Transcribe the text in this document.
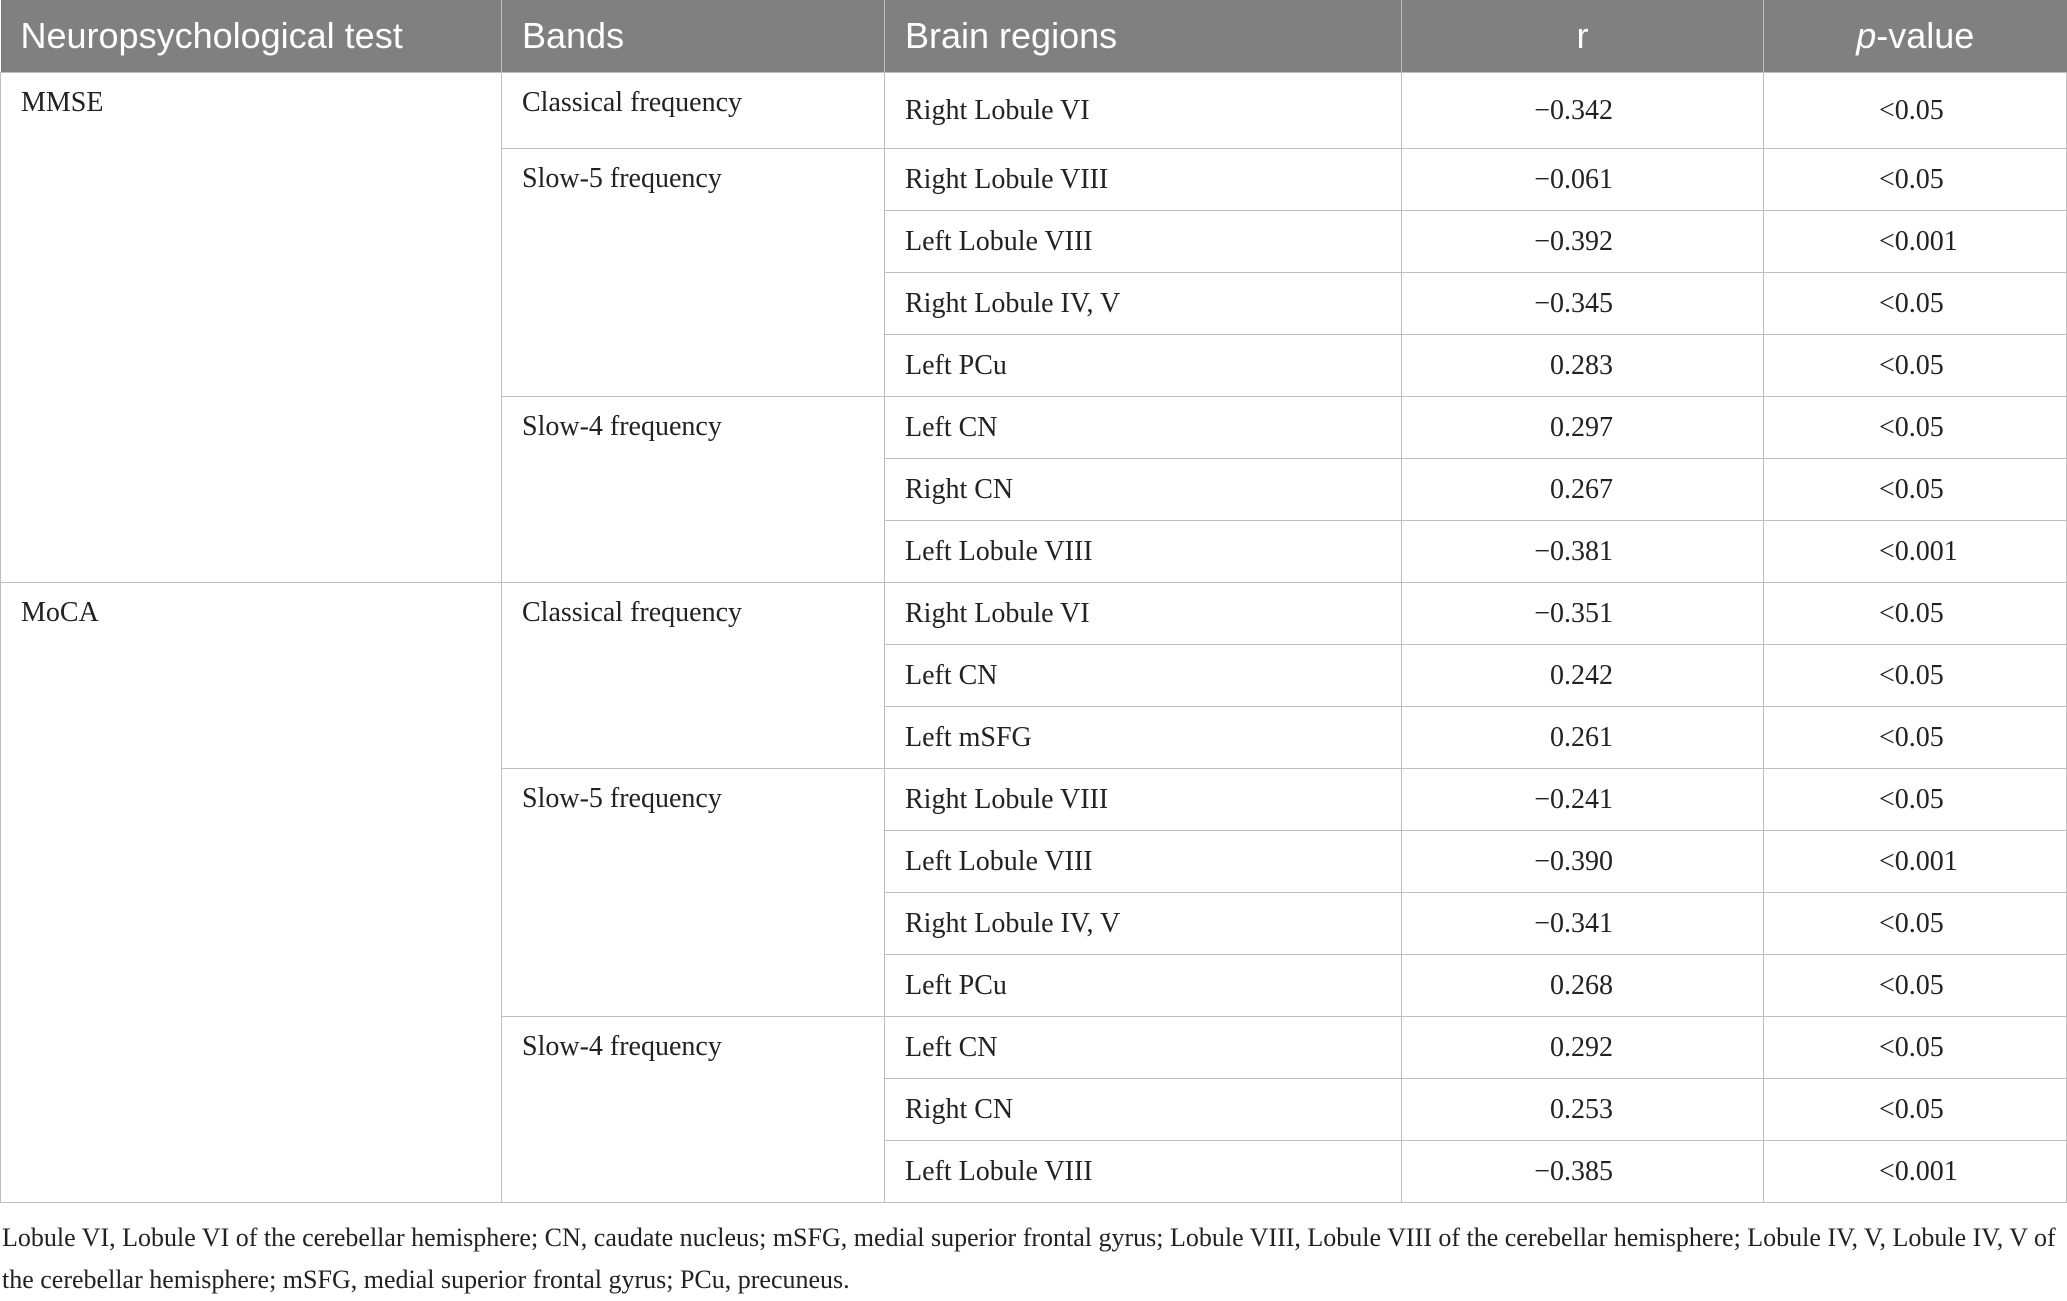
Neuropsychological test	Bands	Brain regions	r	p-value
MMSE	Classical frequency	Right Lobule VI	−0.342	<0.05
	Slow-5 frequency	Right Lobule VIII	−0.061	<0.05
		Left Lobule VIII	−0.392	<0.001
		Right Lobule IV, V	−0.345	<0.05
		Left PCu	0.283	<0.05
	Slow-4 frequency	Left CN	0.297	<0.05
		Right CN	0.267	<0.05
		Left Lobule VIII	−0.381	<0.001
MoCA	Classical frequency	Right Lobule VI	−0.351	<0.05
		Left CN	0.242	<0.05
		Left mSFG	0.261	<0.05
	Slow-5 frequency	Right Lobule VIII	−0.241	<0.05
		Left Lobule VIII	−0.390	<0.001
		Right Lobule IV, V	−0.341	<0.05
		Left PCu	0.268	<0.05
	Slow-4 frequency	Left CN	0.292	<0.05
		Right CN	0.253	<0.05
		Left Lobule VIII	−0.385	<0.001

Lobule VI, Lobule VI of the cerebellar hemisphere; CN, caudate nucleus; mSFG, medial superior frontal gyrus; Lobule VIII, Lobule VIII of the cerebellar hemisphere; Lobule IV, V, Lobule IV, V of the cerebellar hemisphere; mSFG, medial superior frontal gyrus; PCu, precuneus.
